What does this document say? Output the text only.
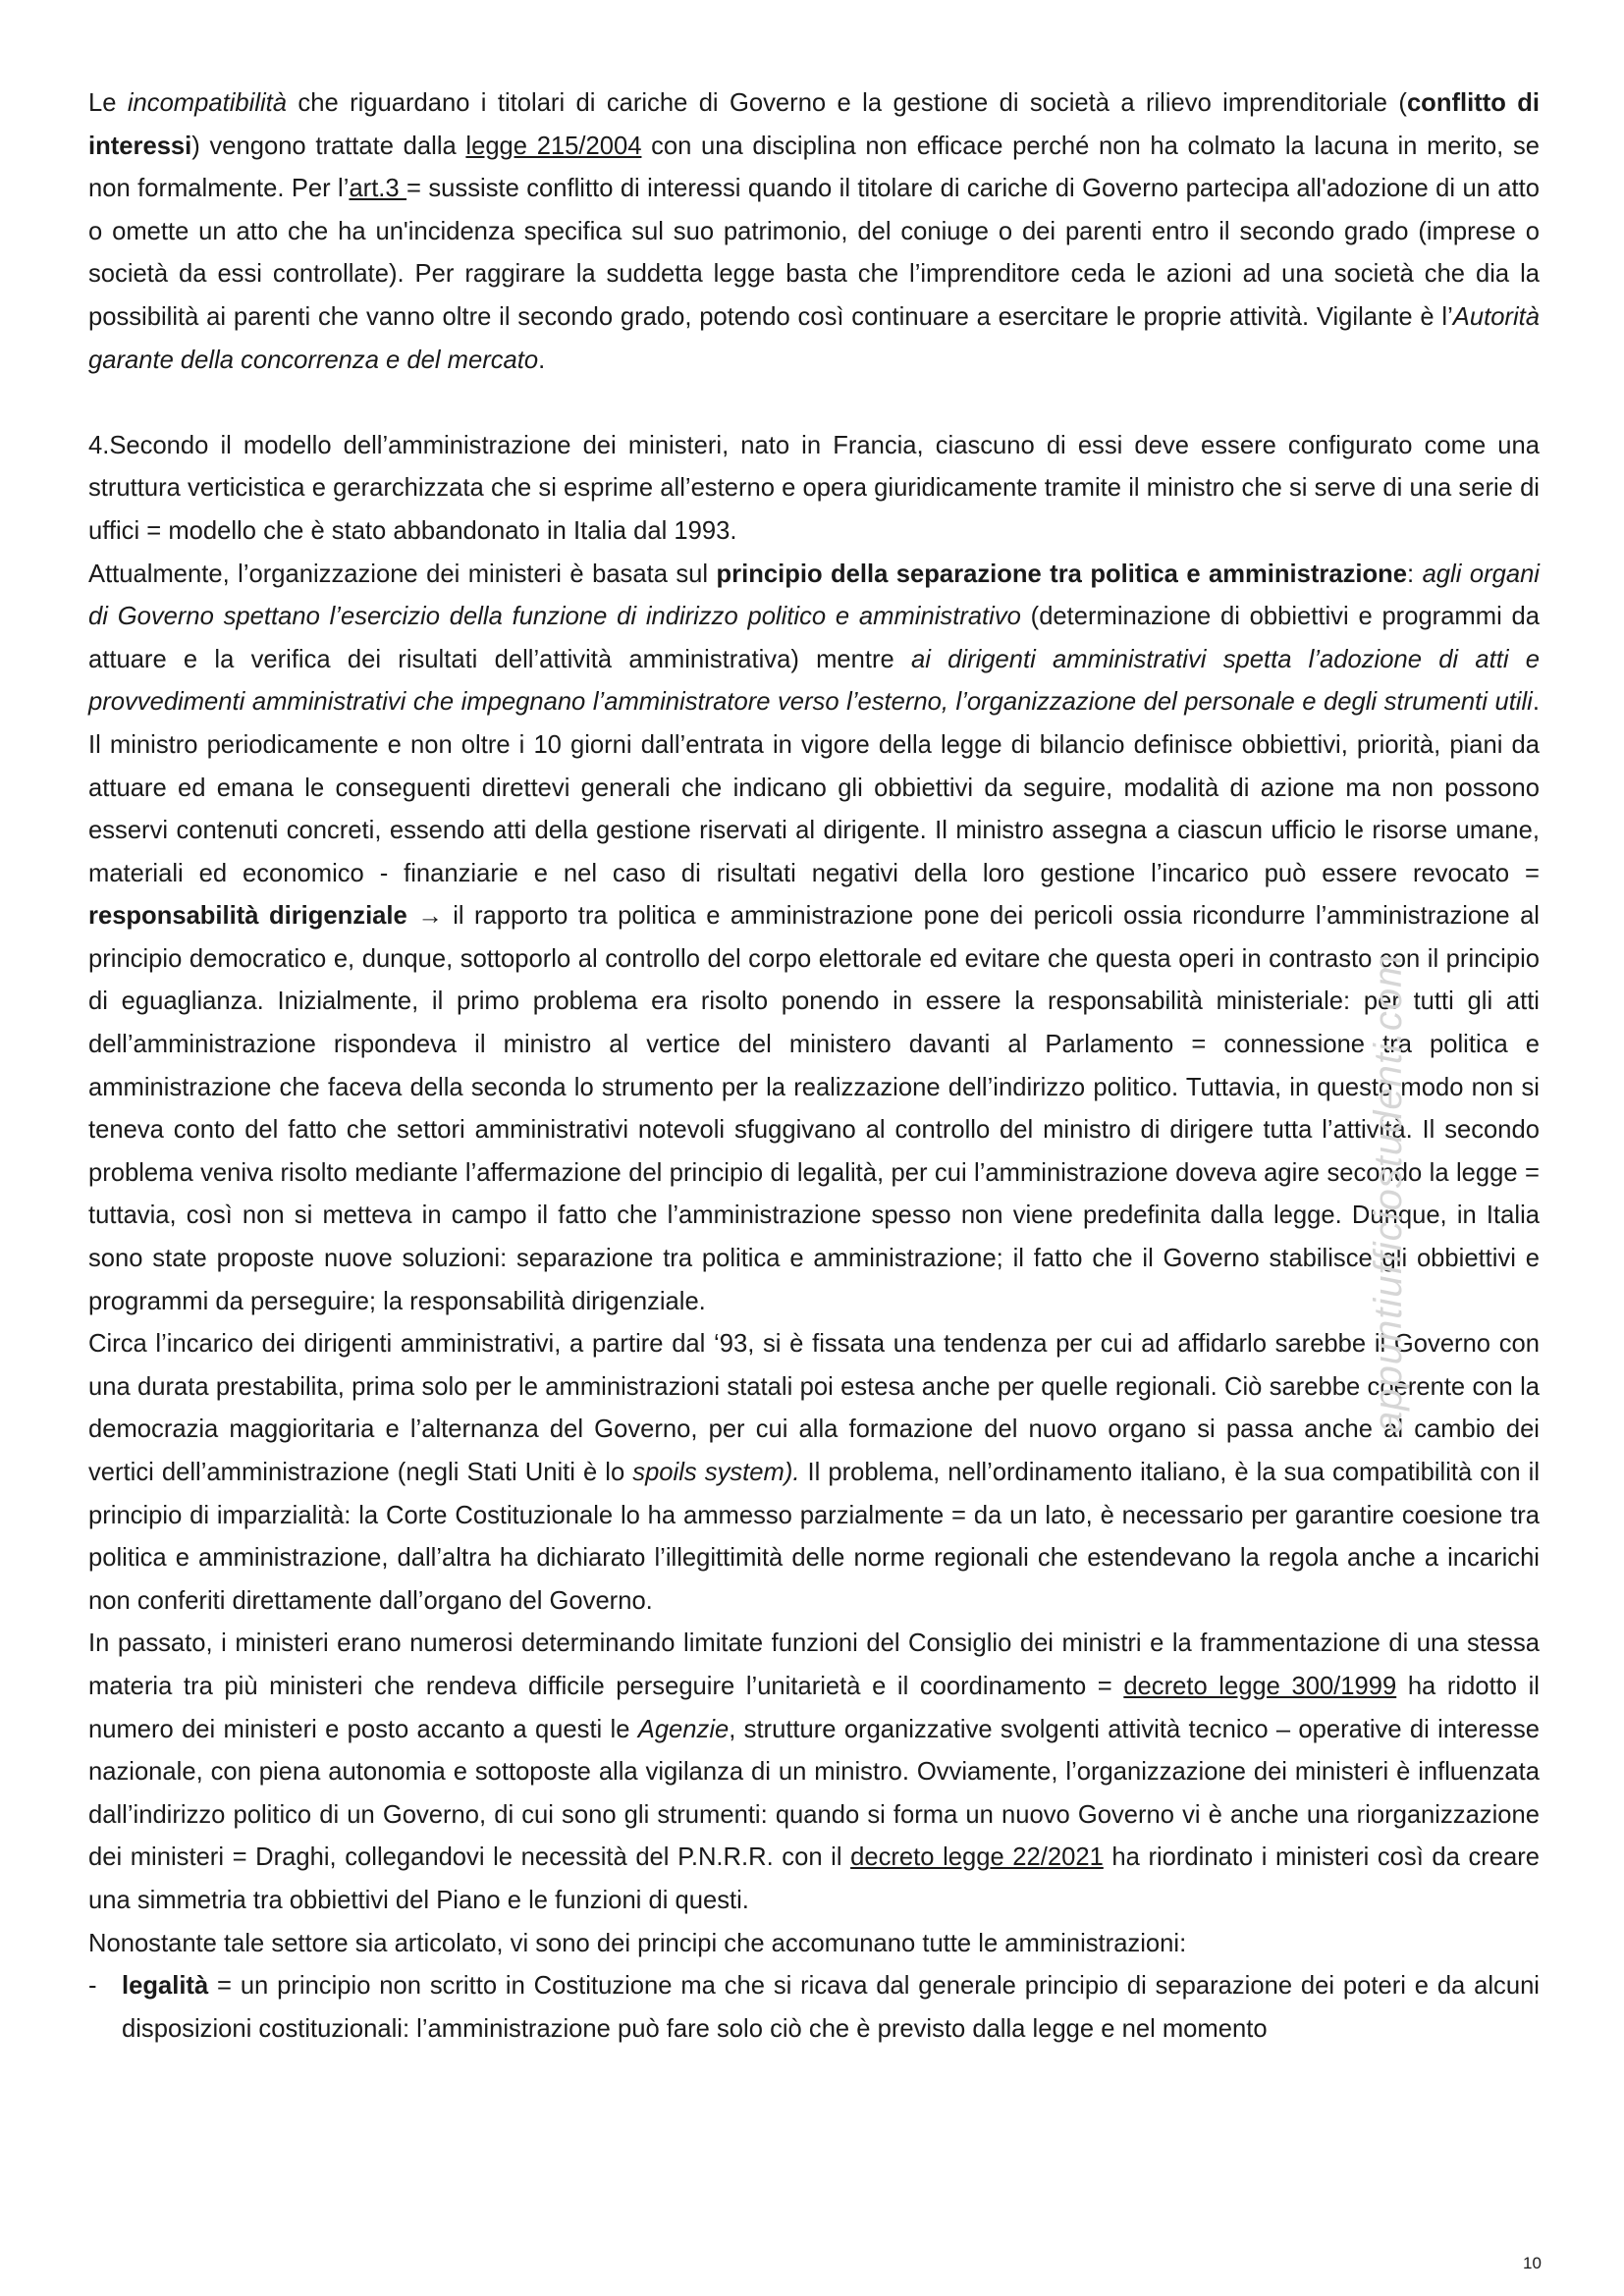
Le incompatibilità che riguardano i titolari di cariche di Governo e la gestione di società a rilievo imprenditoriale (conflitto di interessi) vengono trattate dalla legge 215/2004 con una disciplina non efficace perché non ha colmato la lacuna in merito, se non formalmente. Per l’art.3 = sussiste conflitto di interessi quando il titolare di cariche di Governo partecipa all'adozione di un atto o omette un atto che ha un'incidenza specifica sul suo patrimonio, del coniuge o dei parenti entro il secondo grado (imprese o società da essi controllate). Per raggirare la suddetta legge basta che l’imprenditore ceda le azioni ad una società che dia la possibilità ai parenti che vanno oltre il secondo grado, potendo così continuare a esercitare le proprie attività. Vigilante è l’Autorità garante della concorrenza e del mercato.

4.Secondo il modello dell’amministrazione dei ministeri, nato in Francia, ciascuno di essi deve essere configurato come una struttura verticistica e gerarchizzata che si esprime all’esterno e opera giuridicamente tramite il ministro che si serve di una serie di uffici = modello che è stato abbandonato in Italia dal 1993.

Attualmente, l’organizzazione dei ministeri è basata sul principio della separazione tra politica e amministrazione: agli organi di Governo spettano l’esercizio della funzione di indirizzo politico e amministrativo (determinazione di obbiettivi e programmi da attuare e la verifica dei risultati dell’attività amministrativa) mentre ai dirigenti amministrativi spetta l’adozione di atti e provvedimenti amministrativi che impegnano l’amministratore verso l’esterno, l’organizzazione del personale e degli strumenti utili. Il ministro periodicamente e non oltre i 10 giorni dall’entrata in vigore della legge di bilancio definisce obbiettivi, priorità, piani da attuare ed emana le conseguenti direttevi generali che indicano gli obbiettivi da seguire, modalità di azione ma non possono esservi contenuti concreti, essendo atti della gestione riservati al dirigente. Il ministro assegna a ciascun ufficio le risorse umane, materiali ed economico - finanziarie e nel caso di risultati negativi della loro gestione l’incarico può essere revocato = responsabilità dirigenziale → il rapporto tra politica e amministrazione pone dei pericoli ossia ricondurre l’amministrazione al principio democratico e, dunque, sottoporlo al controllo del corpo elettorale ed evitare che questa operi in contrasto con il principio di eguaglianza. Inizialmente, il primo problema era risolto ponendo in essere la responsabilità ministeriale: per tutti gli atti dell’amministrazione rispondeva il ministro al vertice del ministero davanti al Parlamento = connessione tra politica e amministrazione che faceva della seconda lo strumento per la realizzazione dell’indirizzo politico. Tuttavia, in questo modo non si teneva conto del fatto che settori amministrativi notevoli sfuggivano al controllo del ministro di dirigere tutta l’attività. Il secondo problema veniva risolto mediante l’affermazione del principio di legalità, per cui l’amministrazione doveva agire secondo la legge = tuttavia, così non si metteva in campo il fatto che l’amministrazione spesso non viene predefinita dalla legge. Dunque, in Italia sono state proposte nuove soluzioni: separazione tra politica e amministrazione; il fatto che il Governo stabilisce gli obbiettivi e programmi da perseguire; la responsabilità dirigenziale.

Circa l’incarico dei dirigenti amministrativi, a partire dal ‘93, si è fissata una tendenza per cui ad affidarlo sarebbe il Governo con una durata prestabilita, prima solo per le amministrazioni statali poi estesa anche per quelle regionali. Ciò sarebbe coerente con la democrazia maggioritaria e l’alternanza del Governo, per cui alla formazione del nuovo organo si passa anche al cambio dei vertici dell’amministrazione (negli Stati Uniti è lo spoils system). Il problema, nell’ordinamento italiano, è la sua compatibilità con il principio di imparzialità: la Corte Costituzionale lo ha ammesso parzialmente = da un lato, è necessario per garantire coesione tra politica e amministrazione, dall’altra ha dichiarato l’illegittimità delle norme regionali che estendevano la regola anche a incarichi non conferiti direttamente dall’organo del Governo.

In passato, i ministeri erano numerosi determinando limitate funzioni del Consiglio dei ministri e la frammentazione di una stessa materia tra più ministeri che rendeva difficile perseguire l’unitarietà e il coordinamento = decreto legge 300/1999 ha ridotto il numero dei ministeri e posto accanto a questi le Agenzie, strutture organizzative svolgenti attività tecnico – operative di interesse nazionale, con piena autonomia e sottoposte alla vigilanza di un ministro. Ovviamente, l’organizzazione dei ministeri è influenzata dall’indirizzo politico di un Governo, di cui sono gli strumenti: quando si forma un nuovo Governo vi è anche una riorganizzazione dei ministeri = Draghi, collegandovi le necessità del P.N.R.R. con il decreto legge 22/2021 ha riordinato i ministeri così da creare una simmetria tra obbiettivi del Piano e le funzioni di questi.

Nonostante tale settore sia articolato, vi sono dei principi che accomunano tutte le amministrazioni:

- legalità = un principio non scritto in Costituzione ma che si ricava dal generale principio di separazione dei poteri e da alcuni disposizioni costituzionali: l’amministrazione può fare solo ciò che è previsto dalla legge e nel momento
appuntiufficiostudenti.com
10
